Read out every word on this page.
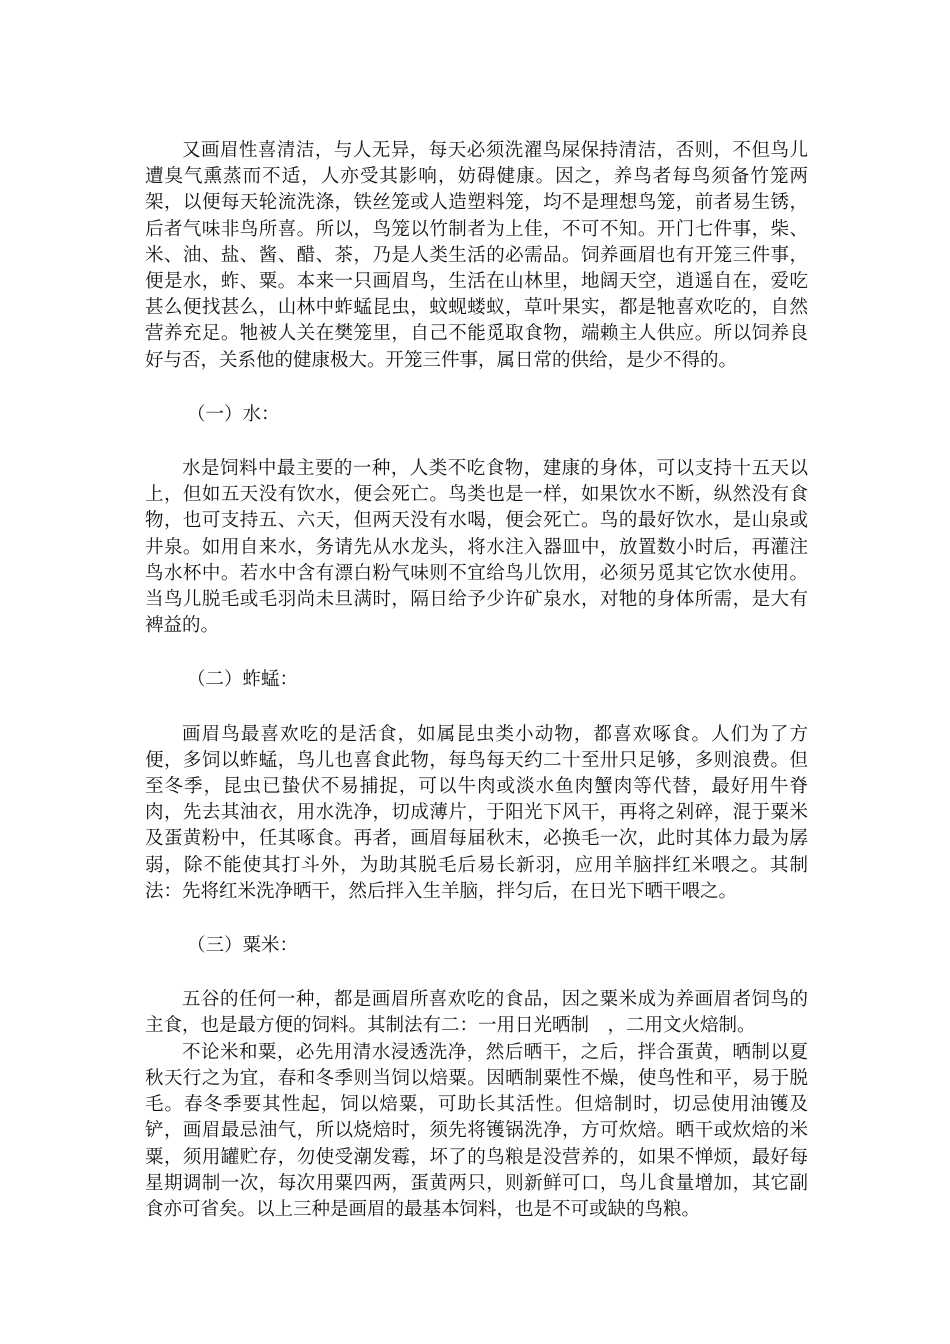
又画眉性喜清洁，与人无异，每天必须洗濯鸟屎保持清洁，否则，不但鸟儿遭臭气熏蒸而不适，人亦受其影响，妨碍健康。因之，养鸟者每鸟须备竹笼两架，以便每天轮流洗涤，铁丝笼或人造塑料笼，均不是理想鸟笼，前者易生锈，后者气味非鸟所喜。所以，鸟笼以竹制者为上佳，不可不知。开门七件事，柴、米、油、盐、酱、醋、茶，乃是人类生活的必需品。饲养画眉也有开笼三件事，便是水，蚱、粟。本来一只画眉鸟，生活在山林里，地阔天空，逍遥自在，爱吃甚么便找甚么，山林中蚱蜢昆虫，蚊蚬蝼蚁，草叶果实，都是牠喜欢吃的，自然营养充足。牠被人关在樊笼里，自己不能觅取食物，端赖主人供应。所以饲养良好与否，关系他的健康极大。开笼三件事，属日常的供给，是少不得的。

（一）水：

水是饲料中最主要的一种，人类不吃食物，建康的身体，可以支持十五天以上，但如五天没有饮水，便会死亡。鸟类也是一样，如果饮水不断，纵然没有食物，也可支持五、六天，但两天没有水喝，便会死亡。鸟的最好饮水，是山泉或井泉。如用自来水，务请先从水龙头，将水注入器皿中，放置数小时后，再灌注鸟水杯中。若水中含有漂白粉气味则不宜给鸟儿饮用，必须另觅其它饮水使用。当鸟儿脱毛或毛羽尚未旦满时，隔日给予少许矿泉水，对牠的身体所需，是大有裨益的。

（二）蚱蜢：

画眉鸟最喜欢吃的是活食，如属昆虫类小动物，都喜欢啄食。人们为了方便，多饲以蚱蜢，鸟儿也喜食此物，每鸟每天约二十至卅只足够，多则浪费。但至冬季，昆虫已蛰伏不易捕捉，可以牛肉或淡水鱼肉蟹肉等代替，最好用牛脊肉，先去其油衣，用水洗净，切成薄片，于阳光下风干，再将之剁碎，混于粟米及蛋黄粉中，任其啄食。再者，画眉每届秋末，必换毛一次，此时其体力最为孱弱，除不能使其打斗外，为助其脱毛后易长新羽，应用羊脑拌红米喂之。其制法：先将红米洗净晒干，然后拌入生羊脑，拌匀后，在日光下晒干喂之。

（三）粟米：

五谷的任何一种，都是画眉所喜欢吃的食品，因之粟米成为养画眉者饲鸟的主食，也是最方便的饲料。其制法有二：一用日光晒制　，二用文火焙制。

不论米和粟，必先用清水浸透洗净，然后晒干，之后，拌合蛋黄，晒制以夏秋天行之为宜，春和冬季则当饲以焙粟。因晒制粟性不燥，使鸟性和平，易于脱毛。春冬季要其性起，饲以焙粟，可助长其活性。但焙制时，切忌使用油镬及铲，画眉最忌油气，所以烧焙时，须先将镬锅洗净，方可炊焙。晒干或炊焙的米粟，须用罐贮存，勿使受潮发霉，坏了的鸟粮是没营养的，如果不惮烦，最好每星期调制一次，每次用粟四两，蛋黄两只，则新鲜可口，鸟儿食量增加，其它副食亦可省矣。以上三种是画眉的最基本饲料，也是不可或缺的鸟粮。
